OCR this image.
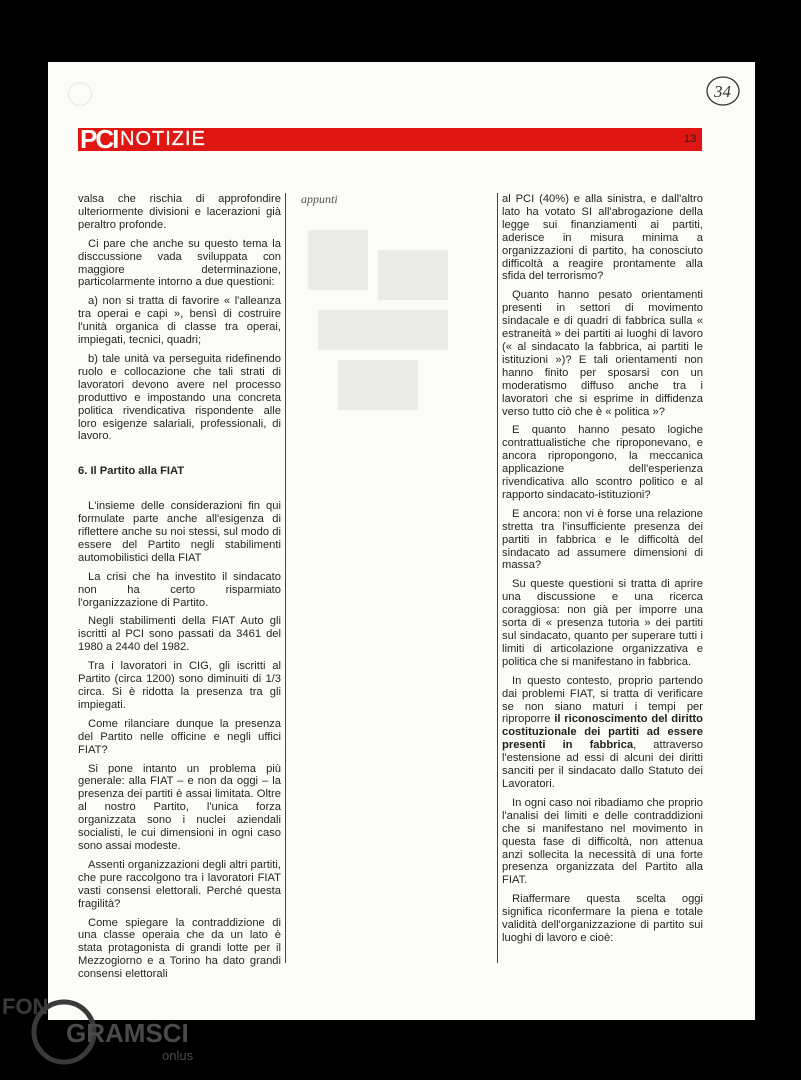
34
PCI NOTIZIE	13

valsa che rischia di approfondire ulteriormente divisioni e lacerazioni già peraltro profonde.

Ci pare che anche su questo tema la disccussione vada sviluppata con maggiore determinazione, particolarmente intorno a due questioni:

a) non si tratta di favorire « l'alleanza tra operai e capi », bensì di costruire l'unità organica di classe tra operai, impiegati, tecnici, quadri;

b) tale unità va perseguita ridefinendo ruolo e collocazione che tali strati di lavoratori devono avere nel processo produttivo e impostando una concreta politica rivendicativa rispondente alle loro esigenze salariali, professionali, di lavoro.

6. Il Partito alla FIAT

L'insieme delle considerazioni fin qui formulate parte anche all'esigenza di riflettere anche su noi stessi, sul modo di essere del Partito negli stabilimenti automobilistici della FIAT

La crisi che ha investito il sindacato non ha certo risparmiato l'organizzazione di Partito.

Negli stabilimenti della FIAT Auto gli iscritti al PCI sono passati da 3461 del 1980 a 2440 del 1982.

Tra i lavoratori in CIG, gli iscritti al Partito (circa 1200) sono diminuiti di 1/3 circa. Si è ridotta la presenza tra gli impiegati.

Come rilanciare dunque la presenza del Partito nelle officine e negli uffici FIAT?

Si pone intanto un problema più generale: alla FIAT – e non da oggi – la presenza dei partiti è assai limitata. Oltre al nostro Partito, l'unica forza organizzata sono i nuclei aziendali socialisti, le cui dimensioni in ogni caso sono assai modeste.

Assenti organizzazioni degli altri partiti, che pure raccolgono tra i lavoratori FIAT vasti consensi elettorali. Perché questa fragilità?

Come spiegare la contraddizione di una classe operaia che da un lato è stata protagonista di grandi lotte per il Mezzogiorno e a Torino ha dato grandi consensi elettorali

appunti	al PCI (40%) e alla sinistra, e dall'altro lato ha votato SI all'abrogazione della legge sui finanziamenti ai partiti, aderisce in misura minima a organizzazioni di partito, ha conosciuto difficoltà a reagire prontamente alla sfida del terrorismo?

Quanto hanno pesato orientamenti presenti in settori di movimento sindacale e di quadri di fabbrica sulla « estraneità » dei partiti ai luoghi di lavoro (« al sindacato la fabbrica, ai partiti le istituzioni »)? E tali orientamenti non hanno finito per sposarsi con un moderatismo diffuso anche tra i lavoratori che si esprime in diffidenza verso tutto ciò che è « politica »?

E quanto hanno pesato logiche contrattualistiche che riproponevano, e ancora ripropongono, la meccanica applicazione dell'esperienza rivendicativa allo scontro politico e al rapporto sindacato-istituzioni?

E ancora: non vi è forse una relazione stretta tra l'insufficiente presenza dei partiti in fabbrica e le difficoltà del sindacato ad assumere dimensioni di massa?

Su queste questioni si tratta di aprire una discussione e una ricerca coraggiosa: non già per imporre una sorta di « presenza tutoria » dei partiti sul sindacato, quanto per superare tutti i limiti di articolazione organizzativa e politica che si manifestano in fabbrica.

In questo contesto, proprio partendo dai problemi FIAT, si tratta di verificare se non siano maturi i tempi per riproporre il riconoscimento del diritto costituzionale dei partiti ad essere presenti in fabbrica, attraverso l'estensione ad essi di alcuni dei diritti sanciti per il sindacato dallo Statuto dei Lavoratori.

In ogni caso noi ribadiamo che proprio l'analisi dei limiti e delle contraddizioni che si manifestano nel movimento in questa fase di difficoltà, non attenua anzi sollecita la necessità di una forte presenza organizzata del Partito alla FIAT.

Riaffermare questa scelta oggi significa riconfermare la piena e totale validità dell'organizzazione di partito sui luoghi di lavoro e cioè:

FON
GRAMSCI
onlus
